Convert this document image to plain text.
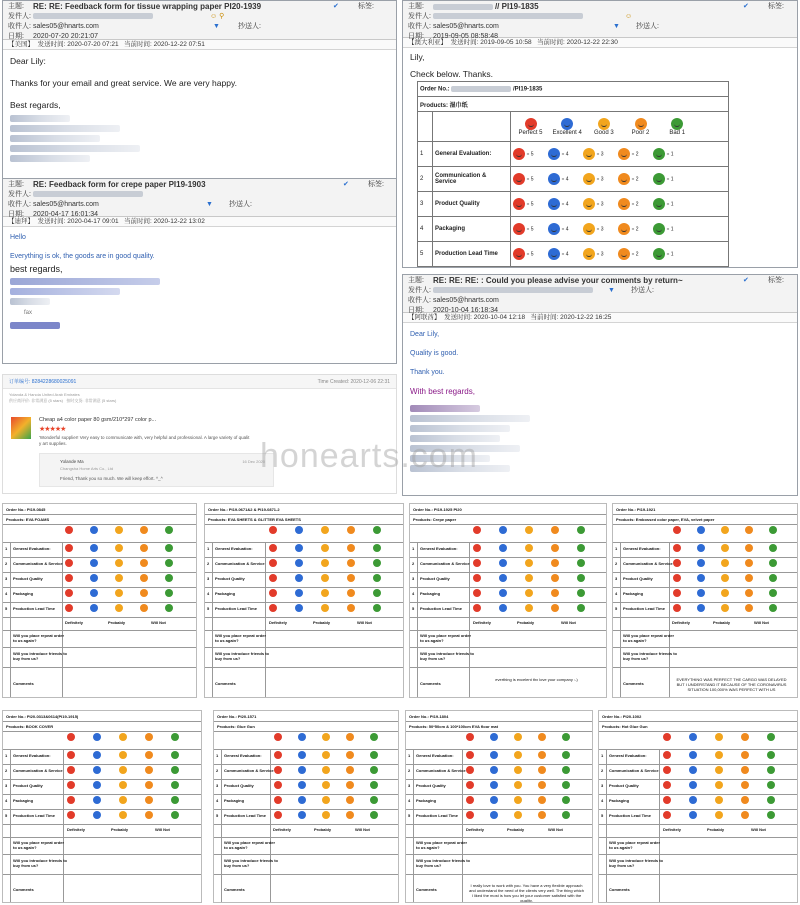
主题: RE: RE: Feedback form for tissue wrapping paper PI20-1939	✔	标签:
发件人:	☺ ⚲
收件人: sales05@hnarts.com	▼	抄送人:
日期: 2020-07-20 20:21:07
【美国】 发送时间: 2020-07-20 07:21 当前时间: 2020-12-22 07:51

Dear Lily:

Thanks for your email and great service. We are very happy.

Best regards,

主题:	// PI19-1835	✔	标签:
发件人:	☺
收件人: sales05@hnarts.com	▼ 抄送人:
日期: 2019-09-05 08:58:48
【澳大利亚】 发送时间: 2019-09-05 10:58 当前时间: 2020-12-22 22:30

Lily,

Check below. Thanks.

Order No.: /PI19-1835		
Products: 湿巾纸		

Perfect 5 Excellent 4 Good 3 Poor 2 Bad 1
1	General Evaluation:	○ 5 ○ 4 ○ 3 ○ 2 ○ 1
2	Communication & Service	○ 5 ○ 4 ○ 3 ○ 2 ○ 1
3	Product Quality	○ 5 ○ 4 ○ 3 ○ 2 ○ 1
4	Packaging	○ 5 ○ 4 ○ 3 ○ 2 ○ 1
5	Production Lead Time	○ 5 ○ 4 ○ 3 ○ 2 ○ 1
主题: RE: Feedback form for crepe paper PI19-1903	✔	标签:
发件人:
收件人: sales05@hnarts.com	▼ 抄送人:
日期: 2020-04-17 16:01:34
【迪拜】 发送时间: 2020-04-17 09:01 当前时间: 2020-12-22 13:02

Hello

Everything is ok, the goods are in good quality.

best regards,

fax

主题: RE: RE: RE: : Could you please advise your comments by return~	✔	标签:
发件人:	▼ 抄送人:
收件人: sales05@hnarts.com
日期: 2020-10-04 16:18:34
【阿联酋】 发送时间: 2020-10-04 12:18 当前时间: 2020-12-22 16:25

Dear Lily,

Quality is good.

Thank you.

With best regards,

订单编号: 8284228680025091	Time Created: 2020-12-06 22:31
Yolanda & Hanoia United Arab Emirates
供应商评价: 非常满意 (5 stars) 按时交货: 非常满意 (5 stars)
Cheap a4 color paper 80 gsm/210*297 color p...
★★★★★
'Wonderful supplier! Very easy to communicate with, very helpful and professional. A large variety of qualit
y art supplies.
Yolande Ma
Changsha Home Arts Co., Ltd
16 Dec 2020
Friend, Thank you so much. We will keep effort. ^_^
honearts.com
Order No.: PI19-0845
Products: EVA FOAMS
1 General Evaluation:
2 Communication & Service
3 Product Quality
4 Packaging
5 Production Lead Time
Definitely	Probably	Will Not
Will you place repeat order to us again?
Will you introduce friends to buy from us?
Comments
Order No.: PI19-0671&2 & PI19-0871-2
Products: EVA SHEETS & GLITTER EVA SHEETS
1 General Evaluation:
2 Communication & Service
3 Product Quality
4 Packaging
5 Production Lead Time
Definitely	Probably	Will Not
Will you place repeat order to us again?
Will you introduce friends to buy from us?
Comments
Order No.: PI19-1925 PI20
Products: Crepe paper
1 General Evaluation:
2 Communication & Service
3 Product Quality
4 Packaging
5 Production Lead Time
Definitely	Probably	Will Not
Will you place repeat order to us again?
Will you introduce friends to buy from us?
Comments
everthing is excelent thx love your company :-)
Order No.: PI19-1921
Products: Embossed color paper, EVA, velvet paper
1 General Evaluation:
2 Communication & Service
3 Product Quality
4 Packaging
5 Production Lead Time
Definitely	Probably	Will Not
Will you place repeat order to us again?
Will you introduce friends to buy from us?
Comments
EVERYTHING WAS PERFECT THE CARGO WAS DELAYED BUT I UNDERSTAND IT BECAUSE OF THE CORONAVIRUS SITUATION 100,000% WAS PERFECT WITH US
Order No.: PI20-0313&0614(PI19-1915)
Products: BOOK COVER
1 General Evaluation:
2 Communication & Service
3 Product Quality
4 Packaging
5 Production Lead Time
Definitely	Probably	Will Not
Will you place repeat order to us again?
Will you introduce friends to buy from us?
Comments
Order No.: PI20-1571
Products: Glue Gun
1 General Evaluation:
2 Communication & Service
3 Product Quality
4 Packaging
5 Production Lead Time
Definitely	Probably	Will Not
Will you place repeat order to us again?
Will you introduce friends to buy from us?
Comments
Order No.: PI19-1804
Products: 50*50cm & 100*100cm EVA floor mat
1 General Evaluation:
2 Communication & Service
3 Product Quality
4 Packaging
5 Production Lead Time
Definitely	Probably	Will Not
Will you place repeat order to us again?
Will you introduce friends to buy from us?
Comments
I really love to work with you. You have a very flexible approach and understand the need of the clients very well. The thing which I liked the most is how you let your customer satisfied with the quality.
Order No.: PI20-1002
Products: Hot Glue Gun
1 General Evaluation:
2 Communication & Service
3 Product Quality
4 Packaging
5 Production Lead Time
Definitely	Probably	Will Not
Will you place repeat order to us again?
Will you introduce friends to buy from us?
Comments
